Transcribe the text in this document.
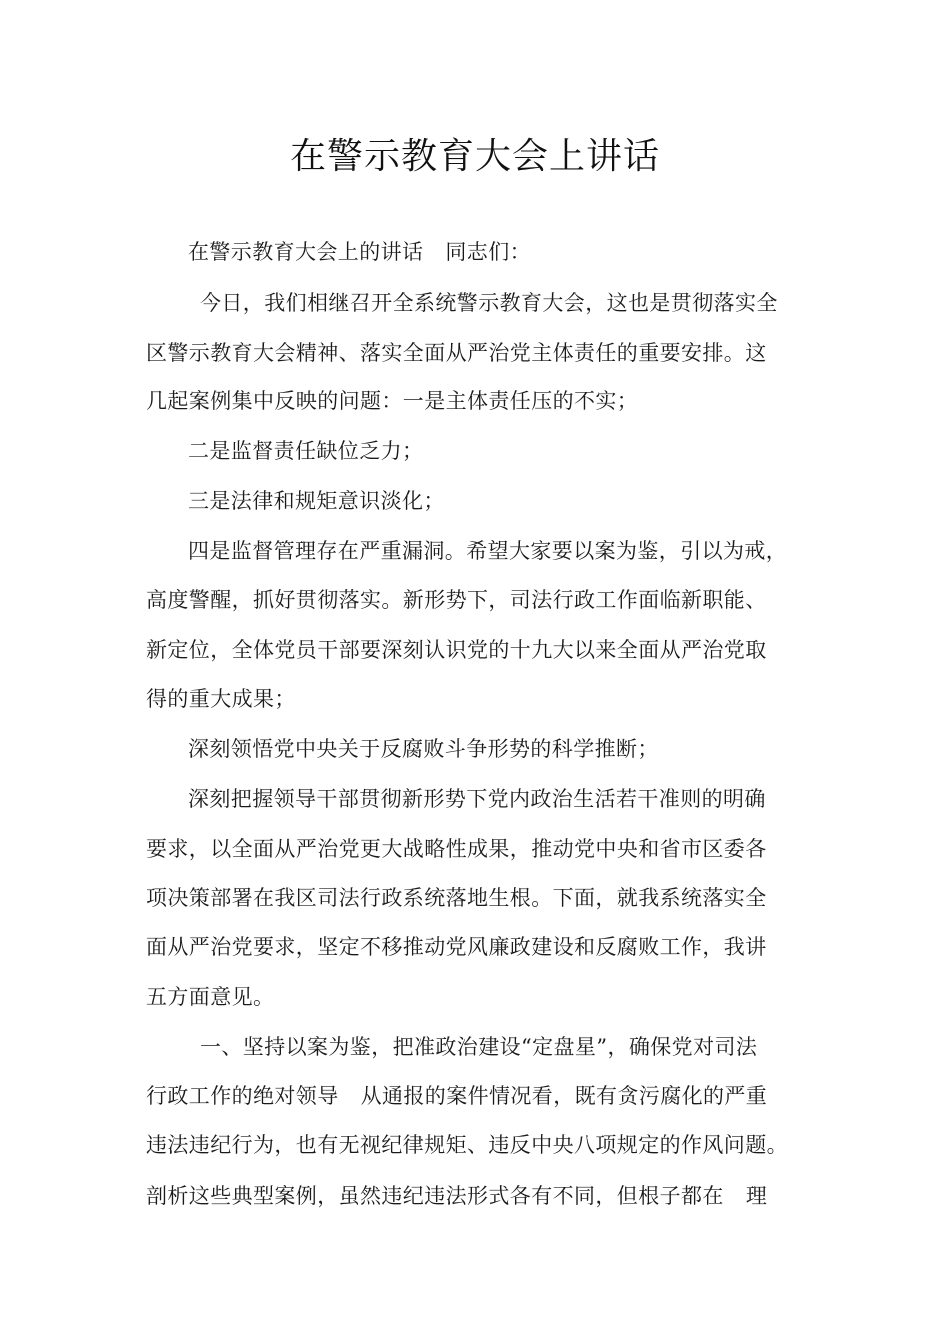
在警示教育大会上讲话
在警示教育大会上的讲话 同志们：
今日，我们相继召开全系统警示教育大会，这也是贯彻落实全
区警示教育大会精神、落实全面从严治党主体责任的重要安排。这
几起案例集中反映的问题：一是主体责任压的不实；
二是监督责任缺位乏力；
三是法律和规矩意识淡化；
四是监督管理存在严重漏洞。希望大家要以案为鉴，引以为戒，
高度警醒，抓好贯彻落实。新形势下，司法行政工作面临新职能、
新定位，全体党员干部要深刻认识党的十九大以来全面从严治党取
得的重大成果；
深刻领悟党中央关于反腐败斗争形势的科学推断；
深刻把握领导干部贯彻新形势下党内政治生活若干准则的明确
要求，以全面从严治党更大战略性成果，推动党中央和省市区委各
项决策部署在我区司法行政系统落地生根。下面，就我系统落实全
面从严治党要求，坚定不移推动党风廉政建设和反腐败工作，我讲
五方面意见。
一、坚持以案为鉴，把准政治建设“定盘星”，确保党对司法
行政工作的绝对领导 从通报的案件情况看，既有贪污腐化的严重
违法违纪行为，也有无视纪律规矩、违反中央八项规定的作风问题。
剖析这些典型案例，虽然违纪违法形式各有不同，但根子都在 理
